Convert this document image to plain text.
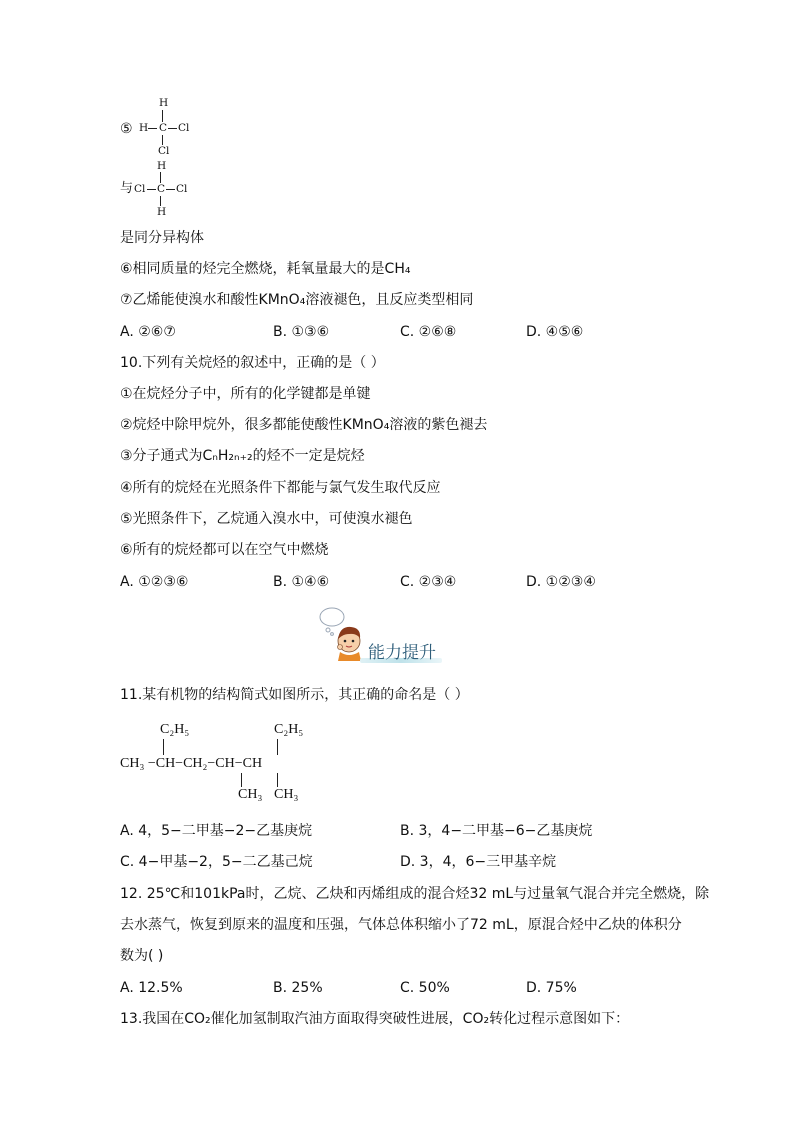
⑤
H
H C Cl
Cl
H
与 Cl C Cl
H
是同分异构体
⑥相同质量的烃完全燃烧，耗氧量最大的是CH₄
⑦乙烯能使溴水和酸性KMnO₄溶液褪色，且反应类型相同
A. ②⑥⑦	B. ①③⑥	C. ②⑥⑧	D. ④⑤⑥
10.下列有关烷烃的叙述中，正确的是（ ）
①在烷烃分子中，所有的化学键都是单键
②烷烃中除甲烷外，很多都能使酸性KMnO₄溶液的紫色褪去
③分子通式为CₙH₂ₙ₊₂的烃不一定是烷烃
④所有的烷烃在光照条件下都能与氯气发生取代反应
⑤光照条件下，乙烷通入溴水中，可使溴水褪色
⑥所有的烷烃都可以在空气中燃烧
A. ①②③⑥	B. ①④⑥	C. ②③④	D. ①②③④
能力提升
11.某有机物的结构简式如图所示，其正确的命名是（ ）
C₂H₅	C₂H₅
CH₃ −CH−CH₂−CH−CH
CH₃ CH₃
A. 4，5−二甲基−2−乙基庚烷	B. 3，4−二甲基−6−乙基庚烷
C. 4−甲基−2，5−二乙基己烷	D. 3，4，6−三甲基辛烷
12. 25℃和101kPa时，乙烷、乙炔和丙烯组成的混合烃32 mL与过量氧气混合并完全燃烧，除
去水蒸气，恢复到原来的温度和压强，气体总体积缩小了72 mL，原混合烃中乙炔的体积分
数为( )
A. 12.5%	B. 25%	C. 50%	D. 75%
13.我国在CO₂催化加氢制取汽油方面取得突破性进展，CO₂转化过程示意图如下：
